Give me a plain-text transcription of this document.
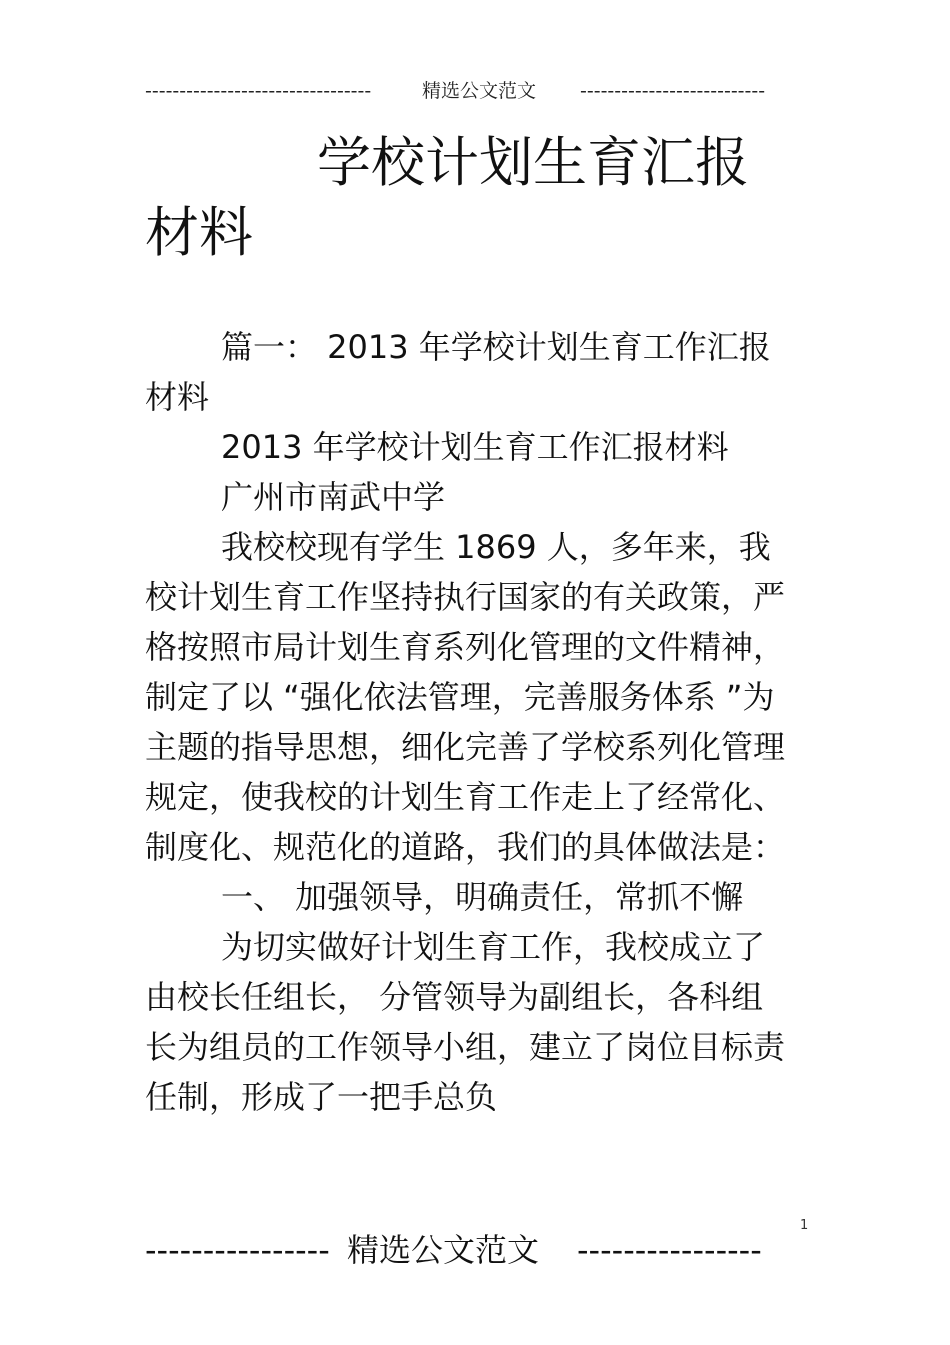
---------------------------------	精选公文范文 ---------------------------
学校计划生育汇报
材料

篇一： 2013 年学校计划生育工作汇报材料

2013 年学校计划生育工作汇报材料

广州市南武中学

我校校现有学生 1869 人，多年来，我校计划生育工作坚持执行国家的有关政策，严格按照市局计划生育系列化管理的文件精神，制定了以 “强化依法管理，完善服务体系 ”为主题的指导思想，细化完善了学校系列化管理规定，使我校的计划生育工作走上了经常化、制度化、规范化的道路，我们的具体做法是：

一、 加强领导，明确责任，常抓不懈

为切实做好计划生育工作，我校成立了由校长任组长， 分管领导为副组长，各科组长为组员的工作领导小组，建立了岗位目标责任制，形成了一把手总负

1
---------------- 精选公文范文 ----------------
